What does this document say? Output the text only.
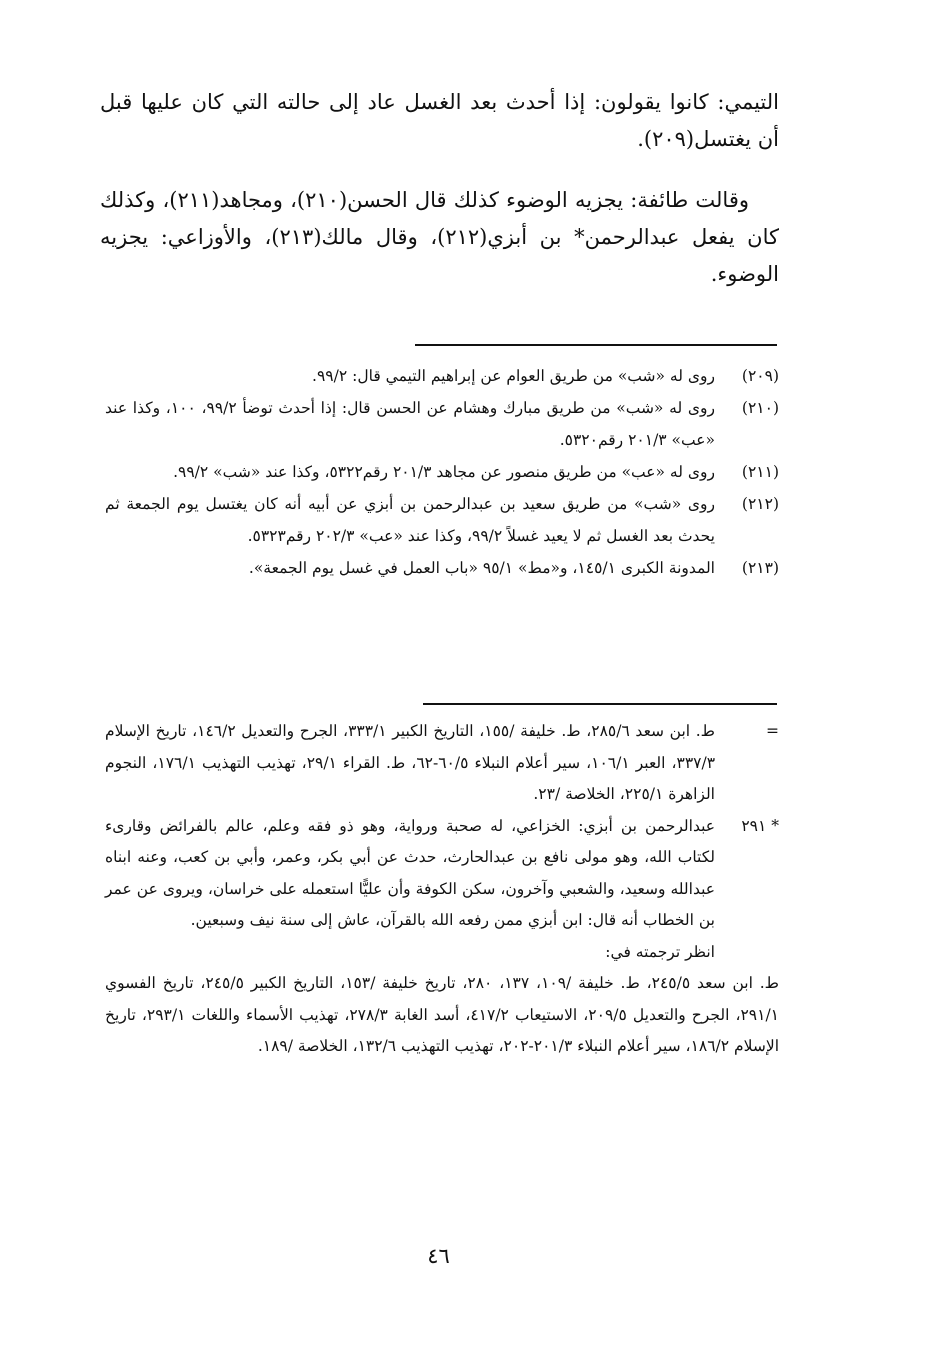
التيمي: كانوا يقولون: إذا أحدث بعد الغسل عاد إلى حالته التي كان عليها قبل أن يغتسل(٢٠٩).

وقالت طائفة: يجزيه الوضوء كذلك قال الحسن(٢١٠)، ومجاهد(٢١١)، وكذلك كان يفعل عبدالرحمن* بن أبزي(٢١٢)، وقال مالك(٢١٣)، والأوزاعي: يجزيه الوضوء.

(٢٠٩)
روى له «شب» من طريق العوام عن إبراهيم التيمي قال: ٩٩/٢.
(٢١٠)
روى له «شب» من طريق مبارك وهشام عن الحسن قال: إذا أحدث توضأ ٩٩/٢، ١٠٠، وكذا عند «عب» ٢٠١/٣ رقم٥٣٢٠.
(٢١١)
روى له «عب» من طريق منصور عن مجاهد ٢٠١/٣ رقم٥٣٢٢، وكذا عند «شب» ٩٩/٢.
(٢١٢)
روى «شب» من طريق سعيد بن عبدالرحمن بن أبزي عن أبيه أنه كان يغتسل يوم الجمعة ثم يحدث بعد الغسل ثم لا يعيد غسلاً ٩٩/٢، وكذا عند «عب» ٢٠٢/٣ رقم٥٣٢٣.
(٢١٣)
المدونة الكبرى ١٤٥/١، و«مط» ٩٥/١ «باب العمل في غسل يوم الجمعة».
=
ط. ابن سعد ٢٨٥/٦، ط. خليفة /١٥٥، التاريخ الكبير ٣٣٣/١، الجرح والتعديل ١٤٦/٢، تاريخ الإسلام ٣٣٧/٣، العبر ١٠٦/١، سير أعلام النبلاء ٦٠/٥-٦٢، ط. القراء ٢٩/١، تهذيب التهذيب ١٧٦/١، النجوم الزاهرة ٢٢٥/١، الخلاصة /٢٣.
* ٢٩١
عبدالرحمن بن أبزي: الخزاعي، له صحبة ورواية، وهو ذو فقه وعلم، عالم بالفرائض وقارىء لكتاب الله، وهو مولى نافع بن عبدالحارث، حدث عن أبي بكر، وعمر، وأبي بن كعب، وعنه ابناه عبدالله وسعيد، والشعبي وآخرون، سكن الكوفة وأن عليًّا استعمله على خراسان، ويروى عن عمر بن الخطاب أنه قال: ابن أبزي ممن رفعه الله بالقرآن، عاش إلى سنة نيف وسبعين.
انظر ترجمته في:
ط. ابن سعد ٢٤٥/٥، ط. خليفة /١٠٩، ١٣٧، ٢٨٠، تاريخ خليفة /١٥٣، التاريخ الكبير ٢٤٥/٥، تاريخ الفسوي ٢٩١/١، الجرح والتعديل ٢٠٩/٥، الاستيعاب ٤١٧/٢، أسد الغابة ٢٧٨/٣، تهذيب الأسماء واللغات ٢٩٣/١، تاريخ الإسلام ١٨٦/٢، سير أعلام النبلاء ٢٠١/٣-٢٠٢، تهذيب التهذيب ١٣٢/٦، الخلاصة /١٨٩.
٤٦
